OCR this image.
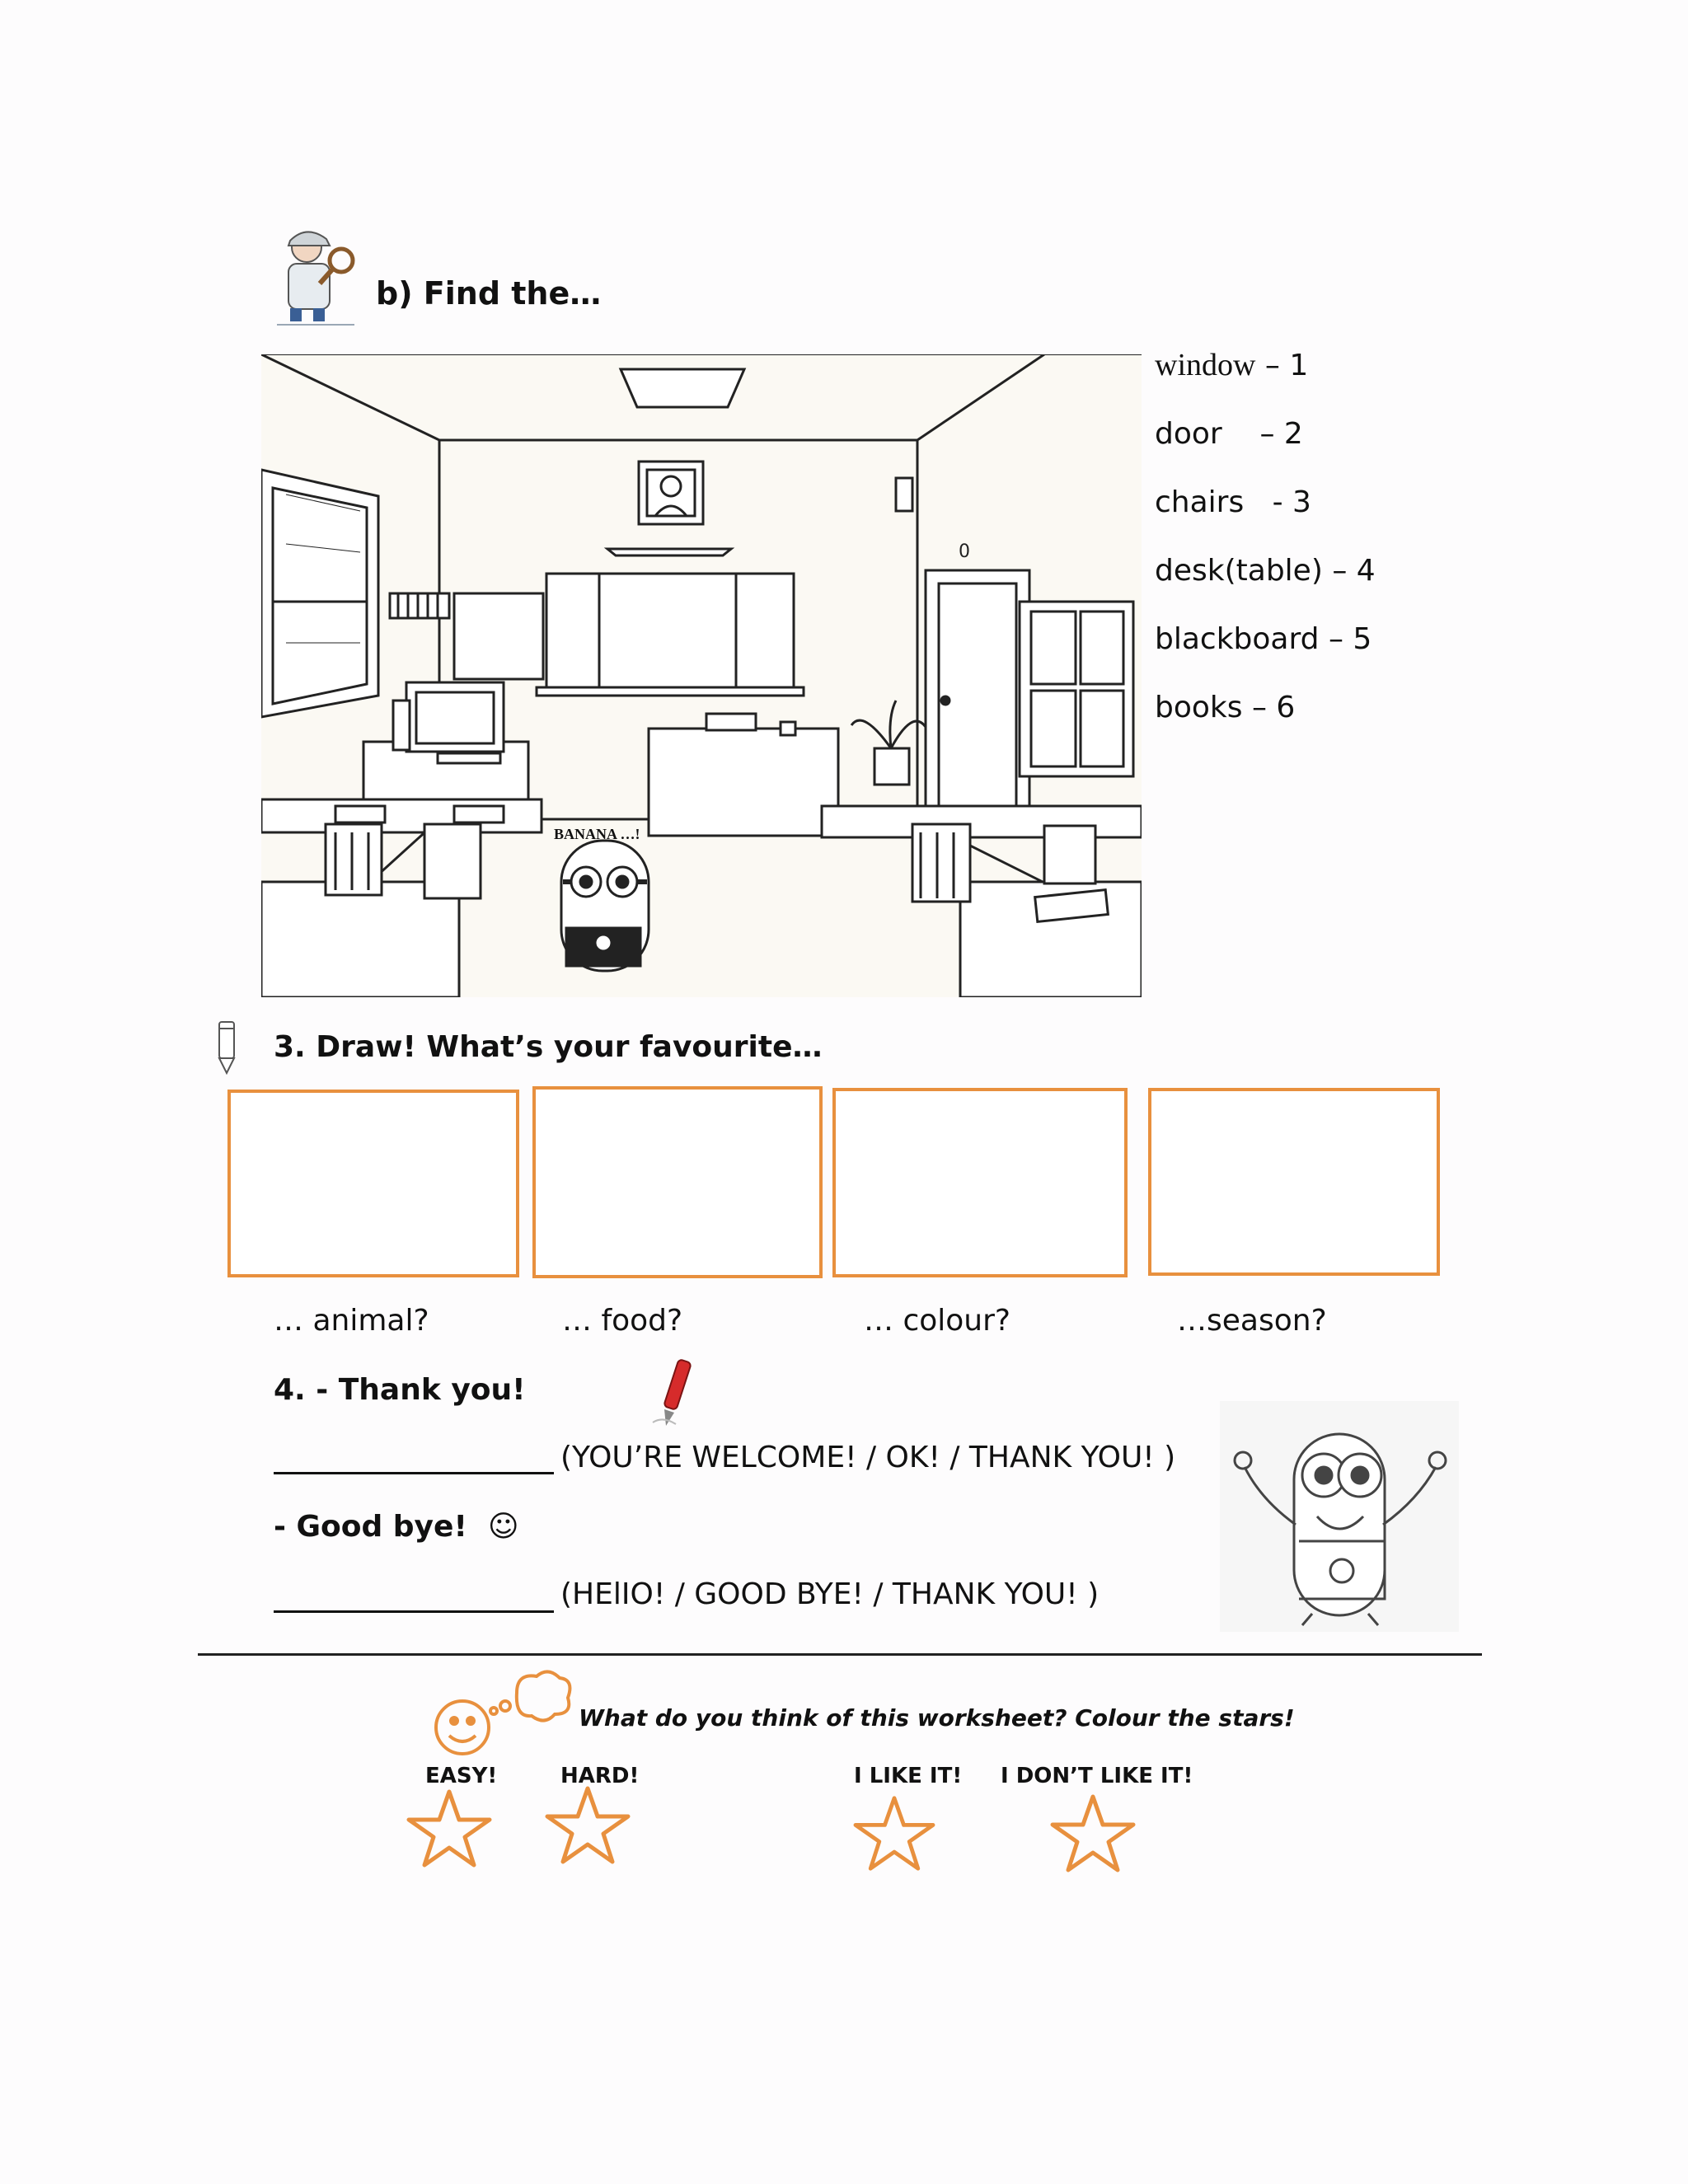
b) Find the…
0
BANANA …!
window – 1
door – 2
chairs - 3
desk(table) – 4
blackboard – 5
books – 6
3. Draw! What’s your favourite…
… animal?	… food?	… colour?	…season?
4. - Thank you!
(YOU’RE WELCOME! / OK! / THANK YOU! )
- Good bye! ☺
(HElIO! / GOOD BYE! / THANK YOU! )
What do you think of this worksheet? Colour the stars!
EASY!	HARD!	I LIKE IT! I DON’T LIKE IT!
